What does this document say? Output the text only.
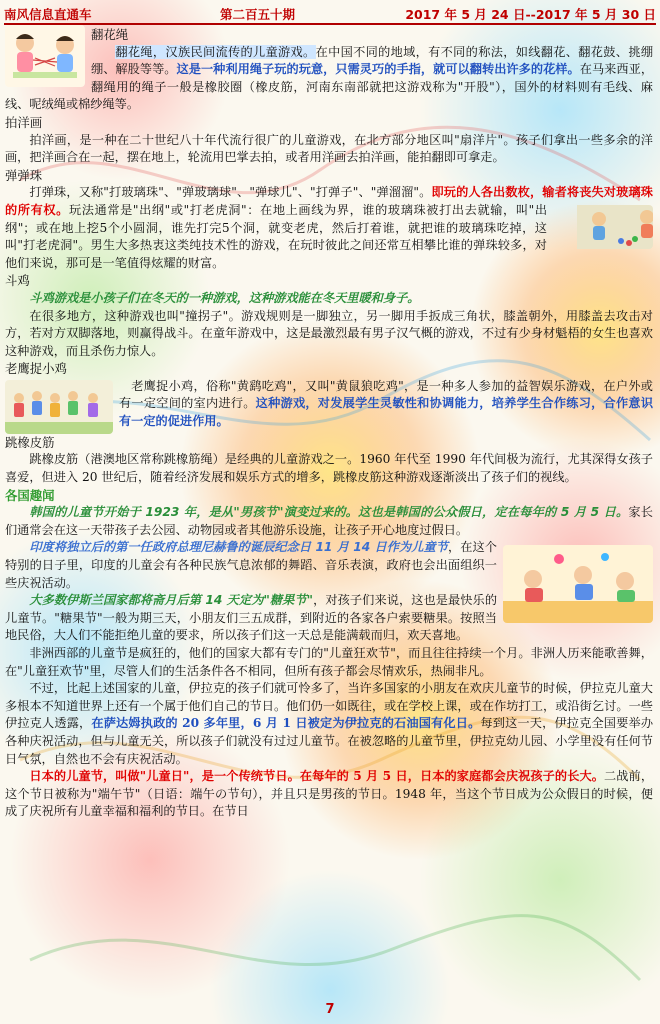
南风信息直通车	第二百五十期	2017 年 5 月 24 日--2017 年 5 月 30 日
翻花绳

翻花绳，汉族民间流传的儿童游戏。在中国不同的地域，有不同的称法，如线翻花、翻花鼓、挑绷绷、解股等等。这是一种利用绳子玩的玩意，只需灵巧的手指，就可以翻转出许多的花样。在马来西亚，翻绳用的绳子一般是橡胶圈（橡皮筋，河南东南部就把这游戏称为"开股"），国外的材料则有毛线、麻线、呢绒绳或棉纱绳等。

拍洋画

拍洋画，是一种在二十世纪八十年代流行很广的儿童游戏，在北方部分地区叫"扇洋片"。孩子们拿出一些多余的洋画，把洋画合在一起，摆在地上，轮流用巴掌去拍，或者用洋画去拍洋画，能拍翻即可拿走。

弹弹珠

打弹珠，又称"打玻璃珠"、"弹玻璃球"、"弹球儿"、"打弹子"、"弹溜溜"。即玩的人各出数枚，输者将丧失对玻璃珠的所有权。
玩法通常是"出纲"或"打老虎洞"：在地上画线为界，谁的玻璃珠被打出去就输，叫"出纲"；或在地上挖5个小圆洞，谁先打完5个洞，就变老虎，然后打着谁，就把谁的玻璃珠吃掉，这叫"打老虎洞"。男生大多热衷这类纯技术性的游戏，在玩时彼此之间还常互相攀比谁的弹珠较多，对他们来说，那可是一笔值得炫耀的财富。

斗鸡

斗鸡游戏是小孩子们在冬天的一种游戏，这种游戏能在冬天里暖和身子。

在很多地方，这种游戏也叫"撞拐子"。游戏规则是一脚独立，另一脚用手扳成三角状，膝盖朝外，用膝盖去攻击对方，若对方双脚落地，则赢得战斗。在童年游戏中，这是最激烈最有男子汉气概的游戏，不过有少身材魁梧的女生也喜欢这种游戏，而且杀伤力惊人。

老鹰捉小鸡

老鹰捉小鸡，俗称"黄鹞吃鸡"，又叫"黄鼠狼吃鸡"，是一种多人参加的益智娱乐游戏，在户外或有一定空间的室内进行。这种游戏，对发展学生灵敏性和协调能力，培养学生合作练习，合作意识有一定的促进作用。

跳橡皮筋

跳橡皮筋（港澳地区常称跳橡筋绳）是经典的儿童游戏之一。1960 年代至 1990 年代间极为流行，尤其深得女孩子喜爱，但进入 20 世纪后，随着经济发展和娱乐方式的增多，跳橡皮筋这种游戏逐渐淡出了孩子们的视线。

各国趣闻

韩国的儿童节开始于 1923 年，是从"男孩节"演变过来的。这也是韩国的公众假日，定在每年的 5 月 5 日。家长们通常会在这一天带孩子去公园、动物园或者其他游乐设施，让孩子开心地度过假日。

印度将独立后的第一任政府总理尼赫鲁的诞辰纪念日 11 月 14 日作为儿童节，在这个特别的日子里，印度的儿童会有各种民族气息浓郁的舞蹈、音乐表演，政府也会出面组织一些庆祝活动。

大多数伊斯兰国家都将斋月后第 14 天定为"糖果节"，对孩子们来说，这也是最快乐的儿童节。"糖果节"一般为期三天，小朋友们三五成群，到附近的各家各户索要糖果。按照当地民俗，大人们不能拒绝儿童的要求，所以孩子们这一天总是能满载而归，欢天喜地。

非洲西部的儿童节是疯狂的，他们的国家大都有专门的"儿童狂欢节"，而且往往持续一个月。非洲人历来能歌善舞，在"儿童狂欢节"里，尽管人们的生活条件各不相同，但所有孩子都会尽情欢乐，热闹非凡。

不过，比起上述国家的儿童，伊拉克的孩子们就可怜多了，当许多国家的小朋友在欢庆儿童节的时候，伊拉克儿童大多根本不知道世界上还有一个属于他们自己的节日。他们仍一如既往，或在学校上课，或在作坊打工，或沿街乞讨。一些伊拉克人透露，在萨达姆执政的 20 多年里，6 月 1 日被定为伊拉克的石油国有化日。每到这一天，伊拉克全国要举办各种庆祝活动，但与儿童无关，所以孩子们就没有过过儿童节。在被忽略的儿童节里，伊拉克幼儿园、小学里没有任何节日气氛，自然也不会有庆祝活动。

日本的儿童节，叫做"儿童日"，是一个传统节日。在每年的 5 月 5 日，日本的家庭都会庆祝孩子的长大。二战前，这个节日被称为"端午节"（日语：端午の节句），并且只是男孩的节日。1948 年，当这个节日成为公众假日的时候，便成了庆祝所有儿童幸福和福利的节日。在节日

7
